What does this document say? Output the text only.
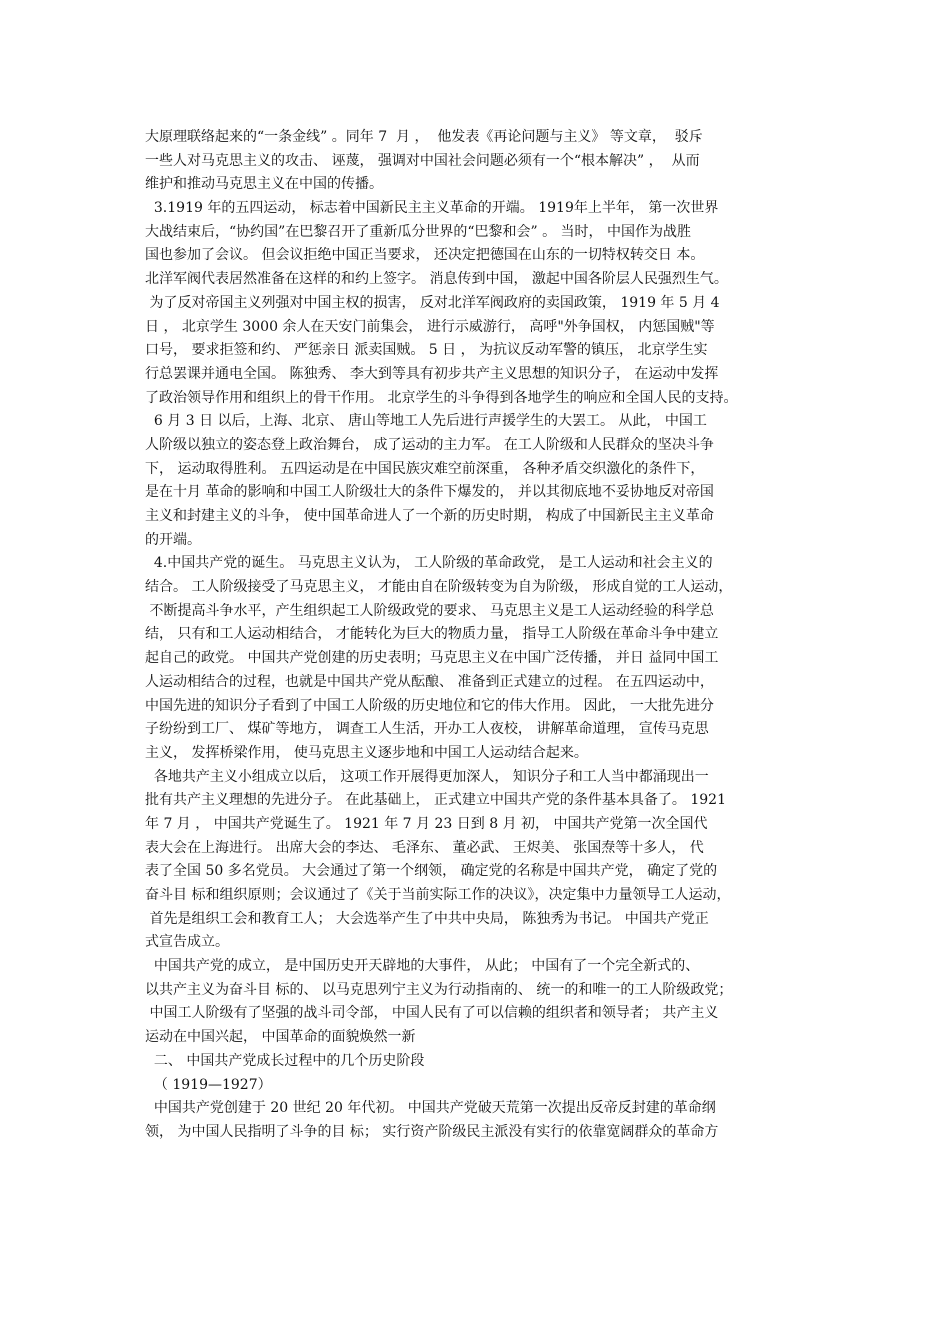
大原理联络起来的“一条金线” 。同年 7  月 ，  他发表《再论问题与主义》 等文章，  驳斥
一些人对马克思主义的攻击、 诬蔑， 强调对中国社会问题必须有一个“根本解决” ，  从而
维护和推动马克思主义在中国的传播。
3.1919 年的五四运动， 标志着中国新民主主义革命的开端。 1919年上半年， 第一次世界
大战结束后，“协约国”在巴黎召开了重新瓜分世界的“巴黎和会” 。 当时， 中国作为战胜
国也参加了会议。 但会议拒绝中国正当要求， 还决定把德国在山东的一切特权转交日 本。
北洋军阀代表居然准备在这样的和约上签字。 消息传到中国， 激起中国各阶层人民强烈生气。
为了反对帝国主义列强对中国主权的损害， 反对北洋军阀政府的卖国政策， 1919 年 5 月 4
日 ， 北京学生 3000 余人在天安门前集会， 进行示威游行， 高呼"外争国权， 内惩国贼"等
口号， 要求拒签和约、 严惩亲日 派卖国贼。 5 日 ， 为抗议反动军警的镇压， 北京学生实
行总罢课并通电全国。 陈独秀、 李大到等具有初步共产主义思想的知识分子， 在运动中发挥
了政治领导作用和组织上的骨干作用。 北京学生的斗争得到各地学生的响应和全国人民的支持。
6 月 3 日 以后，上海、北京、 唐山等地工人先后进行声援学生的大罢工。 从此， 中国工
人阶级以独立的姿态登上政治舞台， 成了运动的主力军。 在工人阶级和人民群众的坚决斗争
下， 运动取得胜利。 五四运动是在中国民族灾难空前深重， 各种矛盾交织激化的条件下，
是在十月 革命的影响和中国工人阶级壮大的条件下爆发的， 并以其彻底地不妥协地反对帝国
主义和封建主义的斗争， 使中国革命进人了一个新的历史时期， 构成了中国新民主主义革命
的开端。
4.中国共产党的诞生。 马克思主义认为， 工人阶级的革命政党， 是工人运动和社会主义的
结合。 工人阶级接受了马克思主义， 才能由自在阶级转变为自为阶级， 形成自觉的工人运动，
不断提高斗争水平，产生组织起工人阶级政党的要求、 马克思主义是工人运动经验的科学总
结， 只有和工人运动相结合， 才能转化为巨大的物质力量， 指导工人阶级在革命斗争中建立
起自己的政党。 中国共产党创建的历史表明；马克思主义在中国广泛传播， 并日 益同中国工
人运动相结合的过程，也就是中国共产党从酝酿、 准备到正式建立的过程。 在五四运动中，
中国先进的知识分子看到了中国工人阶级的历史地位和它的伟大作用。 因此， 一大批先进分
子纷纷到工厂、 煤矿等地方， 调查工人生活，开办工人夜校， 讲解革命道理， 宣传马克思
主义， 发挥桥梁作用， 使马克思主义逐步地和中国工人运动结合起来。
各地共产主义小组成立以后， 这项工作开展得更加深人， 知识分子和工人当中都涌现出一
批有共产主义理想的先进分子。 在此基础上， 正式建立中国共产党的条件基本具备了。 1921
年 7 月 ， 中国共产党诞生了。 1921 年 7 月 23 日到 8 月 初， 中国共产党第一次全国代
表大会在上海进行。 出席大会的李达、 毛泽东、 董必武、 王烬美、 张国焘等十多人， 代
表了全国 50 多名党员。 大会通过了第一个纲领， 确定党的名称是中国共产党， 确定了党的
奋斗目 标和组织原则；会议通过了《关于当前实际工作的决议》，决定集中力量领导工人运动，
首先是组织工会和教育工人； 大会选举产生了中共中央局， 陈独秀为书记。 中国共产党正
式宣告成立。
中国共产党的成立， 是中国历史开天辟地的大事件， 从此； 中国有了一个完全新式的、
以共产主义为奋斗目 标的、 以马克思列宁主义为行动指南的、 统一的和唯一的工人阶级政党；
中国工人阶级有了坚强的战斗司令部， 中国人民有了可以信赖的组织者和领导者； 共产主义
运动在中国兴起， 中国革命的面貌焕然一新
二、 中国共产党成长过程中的几个历史阶段
（ 1919—1927）
中国共产党创建于 20 世纪 20 年代初。 中国共产党破天荒第一次提出反帝反封建的革命纲
领， 为中国人民指明了斗争的目 标； 实行资产阶级民主派没有实行的依靠宽阔群众的革命方
